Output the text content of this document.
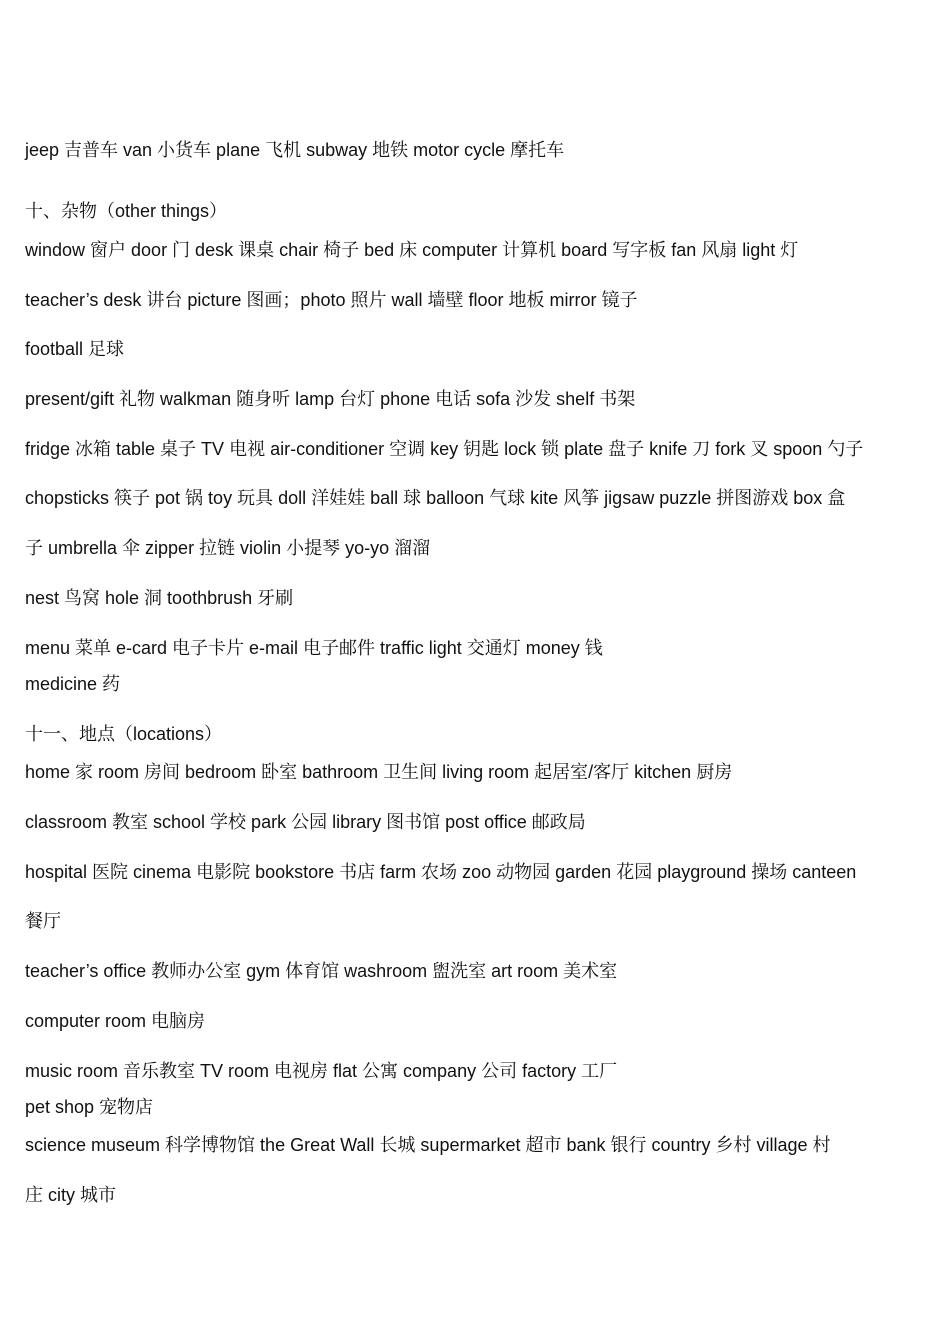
jeep 吉普车 van 小货车 plane 飞机 subway 地铁 motor cycle 摩托车
十、杂物（other things）
window 窗户 door 门 desk 课桌 chair 椅子 bed 床 computer 计算机 board 写字板 fan 风扇 light 灯
teacher’s desk 讲台 picture 图画；photo 照片 wall 墙壁 floor 地板 mirror 镜子
football 足球
present/gift 礼物 walkman 随身听 lamp 台灯 phone 电话 sofa 沙发 shelf 书架
fridge 冰箱 table 桌子 TV 电视 air-conditioner 空调 key 钥匙 lock 锁 plate 盘子 knife 刀 fork 叉 spoon 勺子
chopsticks 筷子 pot 锅 toy 玩具 doll 洋娃娃 ball 球 balloon 气球 kite 风筝 jigsaw puzzle 拼图游戏 box 盒
子 umbrella 伞 zipper 拉链 violin 小提琴 yo-yo 溜溜
nest 鸟窝 hole 洞 toothbrush 牙刷
menu 菜单 e-card 电子卡片 e-mail 电子邮件 traffic light 交通灯 money 钱
medicine 药
十一、地点（locations）
home 家 room 房间 bedroom 卧室 bathroom 卫生间 living room 起居室/客厅 kitchen 厨房
classroom 教室 school 学校 park 公园 library 图书馆 post office 邮政局
hospital 医院 cinema 电影院 bookstore 书店 farm 农场 zoo 动物园 garden 花园 playground 操场 canteen
餐厅
teacher’s office 教师办公室 gym 体育馆 washroom 盥洗室 art room 美术室
computer room 电脑房
music room 音乐教室 TV room 电视房 flat 公寓 company 公司 factory 工厂
pet shop 宠物店
science museum 科学博物馆 the Great Wall 长城 supermarket 超市 bank 银行 country 乡村 village 村
庄 city 城市
